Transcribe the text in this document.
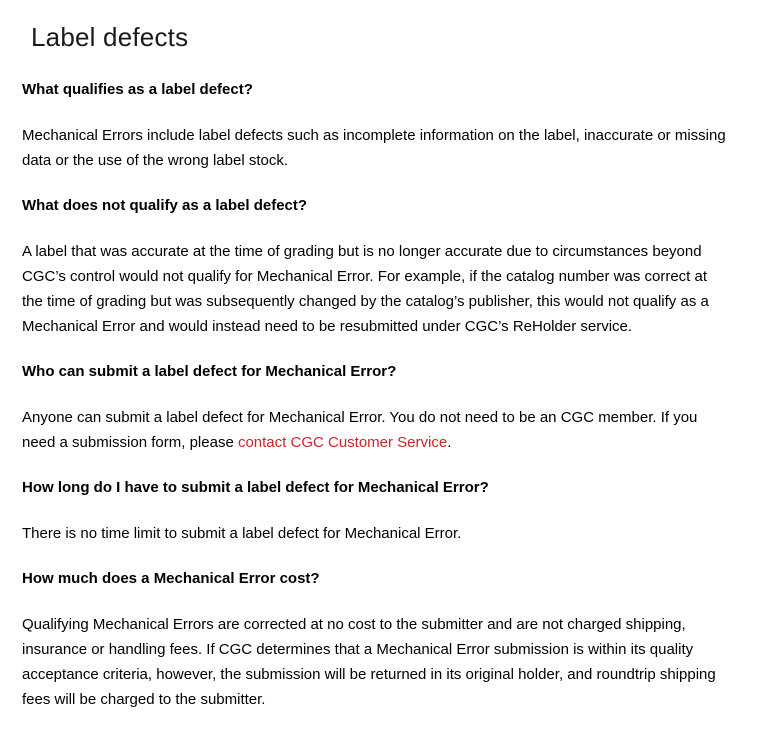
Label defects
What qualifies as a label defect?

Mechanical Errors include label defects such as incomplete information on the label, inaccurate or missing data or the use of the wrong label stock.

What does not qualify as a label defect?

A label that was accurate at the time of grading but is no longer accurate due to circumstances beyond CGC’s control would not qualify for Mechanical Error. For example, if the catalog number was correct at the time of grading but was subsequently changed by the catalog’s publisher, this would not qualify as a Mechanical Error and would instead need to be resubmitted under CGC’s ReHolder service.

Who can submit a label defect for Mechanical Error?

Anyone can submit a label defect for Mechanical Error. You do not need to be an CGC member. If you need a submission form, please contact CGC Customer Service.

How long do I have to submit a label defect for Mechanical Error?

There is no time limit to submit a label defect for Mechanical Error.

How much does a Mechanical Error cost?

Qualifying Mechanical Errors are corrected at no cost to the submitter and are not charged shipping, insurance or handling fees. If CGC determines that a Mechanical Error submission is within its quality acceptance criteria, however, the submission will be returned in its original holder, and roundtrip shipping fees will be charged to the submitter.
